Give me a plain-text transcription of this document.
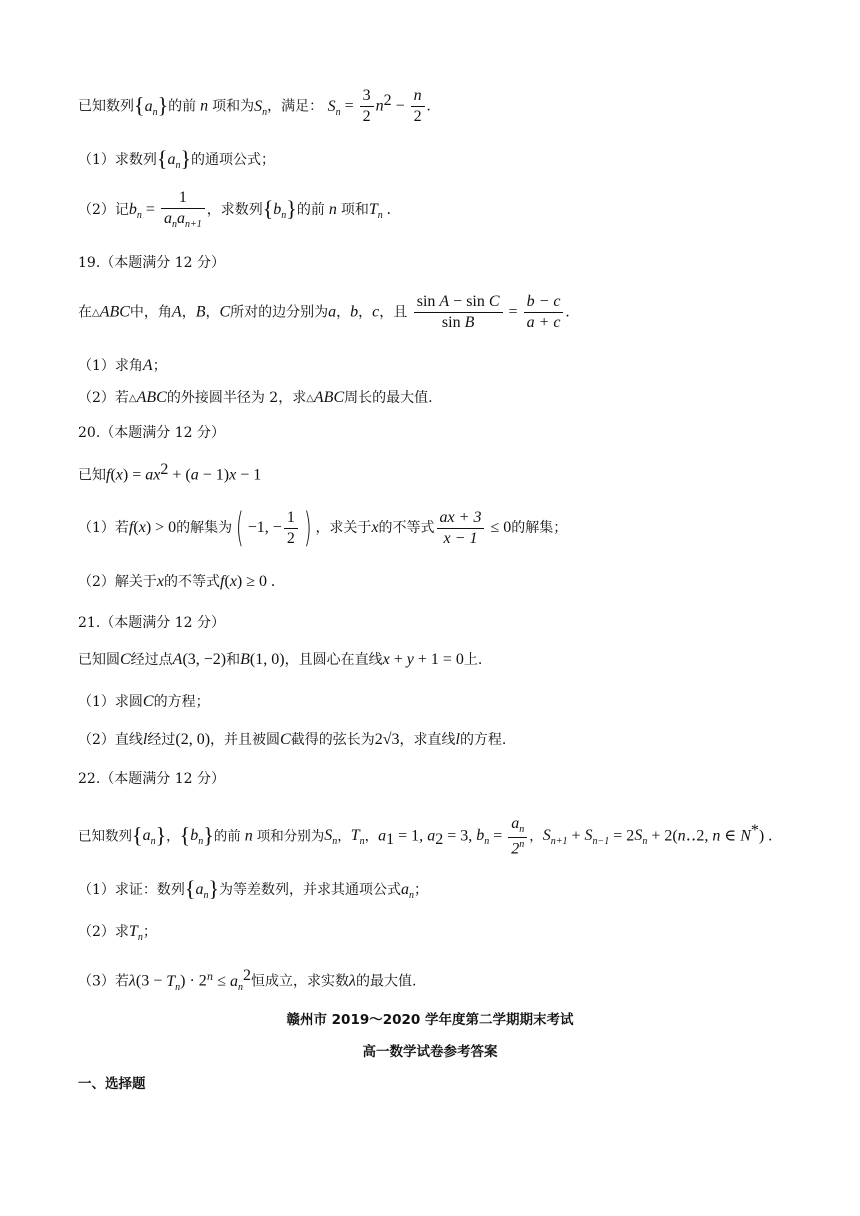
已知数列$\{a_n\}$的前 n 项和为$S_n$，满足： $S_n = \frac{3}{2} n^2 - \frac{n}{2}$ .
（1）求数列$\{a_n\}$的通项公式；
（2）记$b_n = \frac{1}{a_na_{n+1}}$ ，求数列$\{b_n\}$的前 n 项和$T_n$ .
19.（本题满分 12 分）
在△ABC中，角A，B，C所对的边分别为a，b，c，且 $\frac{\text{sin A − sin C}}{\text{sin B}} = \frac{b - c}{a + c}$ .
（1）求角A；
（2）若△ABC的外接圆半径为 2，求△ABC周长的最大值.
20.（本题满分 12 分）
已知$f(x) = ax^2 + (a - 1)x - 1$
（1）若f(x) > 0的解集为( −1, − $\frac{1}{2}$ ) ，求关于x的不等式 $\frac{ax + 3}{x - 1} \le 0$的解集；
（2）解关于x的不等式f(x) ≥ 0 .
21.（本题满分 12 分）
已知圆C经过点A(3, −2)和B(1, 0)，且圆心在直线x + y + 1 = 0上.
（1）求圆C的方程；
（2）直线l经过(2, 0)，并且被圆C截得的弦长为2√3，求直线l的方程.
22.（本题满分 12 分）
已知数列$\{a_n\}$，$\{b_n\}$的前 n 项和分别为$S_n$，$T_n$，$a_1 = 1$, $a_2 = 3$, $b_n = \frac{a_n}{2^n}$ ，$S_{n+1} + S_{n-1} = 2S_n$ + 2(n‥2, n ∈ N*) .
（1）求证：数列$\{a_n\}$为等差数列，并求其通项公式$a_n$；
（2）求$T_n$；
（3）若$\lambda(3 - T_n) \cdot 2^n \le a_n^2$恒成立，求实数λ的最大值.
赣州市 2019～2020 学年度第二学期期末考试
高一数学试卷参考答案
一、选择题
